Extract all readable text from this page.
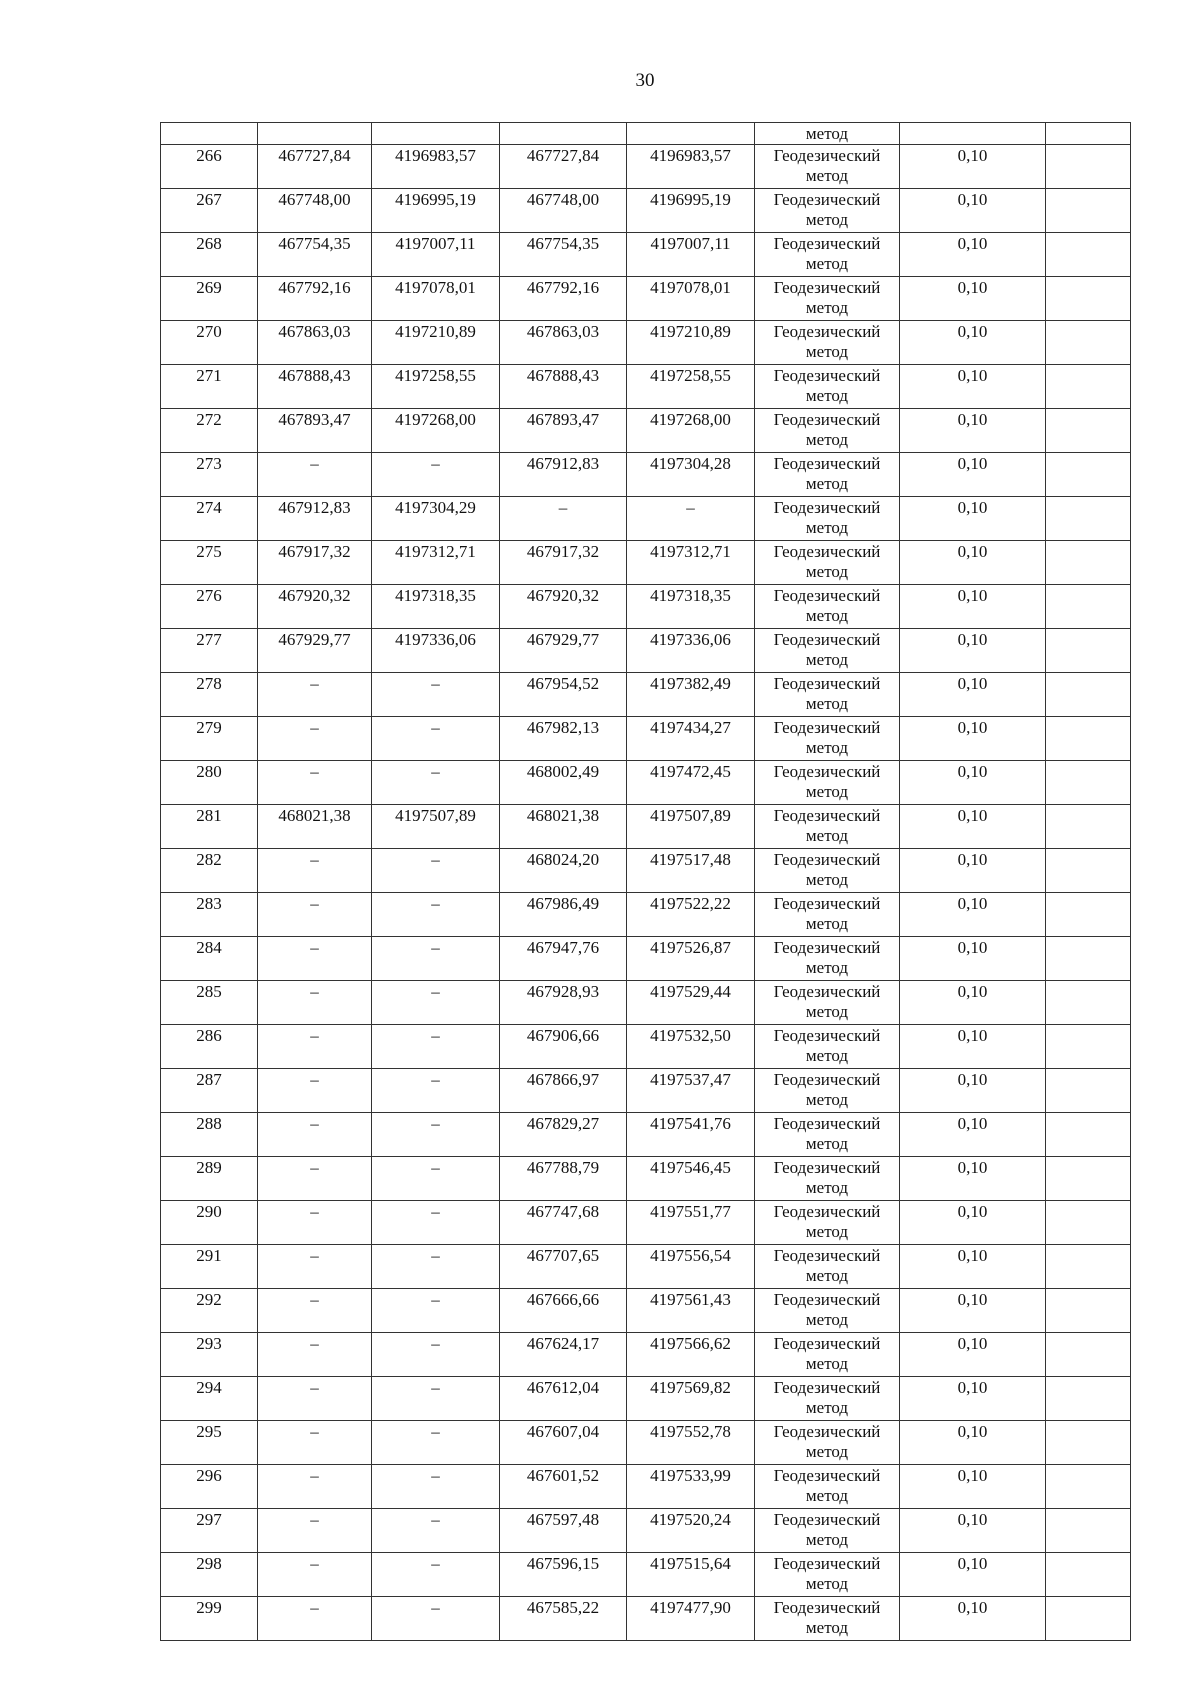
30
					метод		
266	467727,84	4196983,57	467727,84	4196983,57	Геодезический
метод	0,10	
267	467748,00	4196995,19	467748,00	4196995,19	Геодезический
метод	0,10	
268	467754,35	4197007,11	467754,35	4197007,11	Геодезический
метод	0,10	
269	467792,16	4197078,01	467792,16	4197078,01	Геодезический
метод	0,10	
270	467863,03	4197210,89	467863,03	4197210,89	Геодезический
метод	0,10	
271	467888,43	4197258,55	467888,43	4197258,55	Геодезический
метод	0,10	
272	467893,47	4197268,00	467893,47	4197268,00	Геодезический
метод	0,10	
273	–	–	467912,83	4197304,28	Геодезический
метод	0,10	
274	467912,83	4197304,29	–	–	Геодезический
метод	0,10	
275	467917,32	4197312,71	467917,32	4197312,71	Геодезический
метод	0,10	
276	467920,32	4197318,35	467920,32	4197318,35	Геодезический
метод	0,10	
277	467929,77	4197336,06	467929,77	4197336,06	Геодезический
метод	0,10	
278	–	–	467954,52	4197382,49	Геодезический
метод	0,10	
279	–	–	467982,13	4197434,27	Геодезический
метод	0,10	
280	–	–	468002,49	4197472,45	Геодезический
метод	0,10	
281	468021,38	4197507,89	468021,38	4197507,89	Геодезический
метод	0,10	
282	–	–	468024,20	4197517,48	Геодезический
метод	0,10	
283	–	–	467986,49	4197522,22	Геодезический
метод	0,10	
284	–	–	467947,76	4197526,87	Геодезический
метод	0,10	
285	–	–	467928,93	4197529,44	Геодезический
метод	0,10	
286	–	–	467906,66	4197532,50	Геодезический
метод	0,10	
287	–	–	467866,97	4197537,47	Геодезический
метод	0,10	
288	–	–	467829,27	4197541,76	Геодезический
метод	0,10	
289	–	–	467788,79	4197546,45	Геодезический
метод	0,10	
290	–	–	467747,68	4197551,77	Геодезический
метод	0,10	
291	–	–	467707,65	4197556,54	Геодезический
метод	0,10	
292	–	–	467666,66	4197561,43	Геодезический
метод	0,10	
293	–	–	467624,17	4197566,62	Геодезический
метод	0,10	
294	–	–	467612,04	4197569,82	Геодезический
метод	0,10	
295	–	–	467607,04	4197552,78	Геодезический
метод	0,10	
296	–	–	467601,52	4197533,99	Геодезический
метод	0,10	
297	–	–	467597,48	4197520,24	Геодезический
метод	0,10	
298	–	–	467596,15	4197515,64	Геодезический
метод	0,10	
299	–	–	467585,22	4197477,90	Геодезический
метод	0,10	
